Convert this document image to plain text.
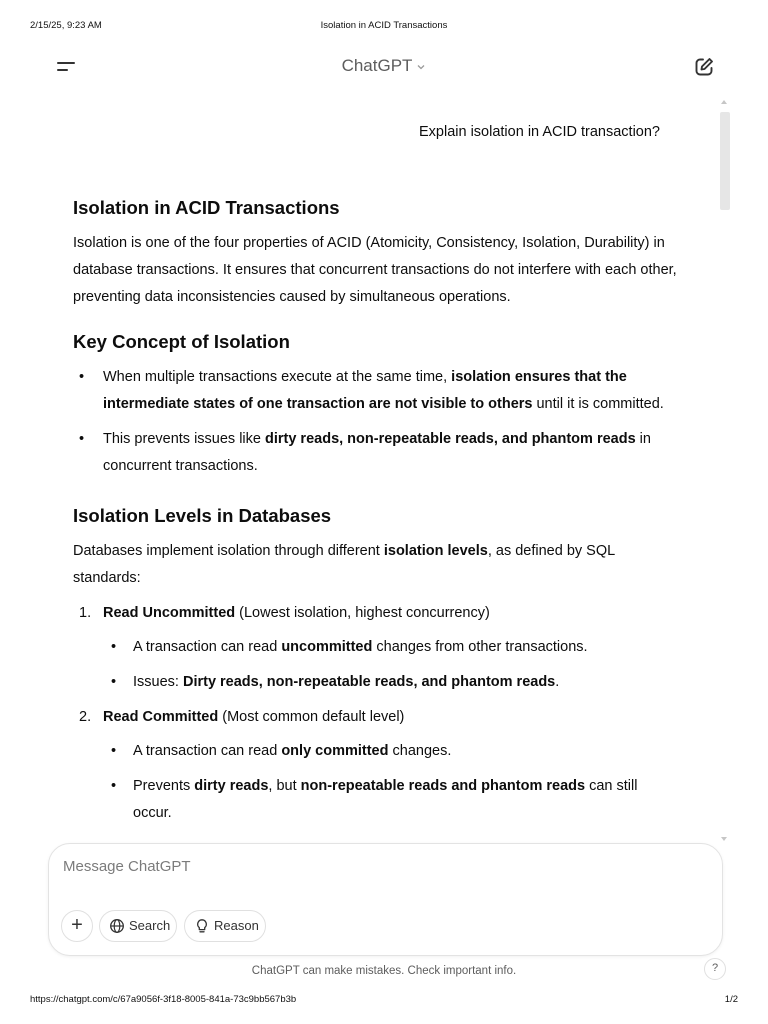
2/15/25, 9:23 AM	Isolation in ACID Transactions
ChatGPT
Explain isolation in ACID transaction?
Isolation in ACID Transactions

Isolation is one of the four properties of ACID (Atomicity, Consistency, Isolation, Durability) in database transactions. It ensures that concurrent transactions do not interfere with each other, preventing data inconsistencies caused by simultaneous operations.

Key Concept of Isolation
• When multiple transactions execute at the same time, isolation ensures that the intermediate states of one transaction are not visible to others until it is committed.
• This prevents issues like dirty reads, non-repeatable reads, and phantom reads in concurrent transactions.
Isolation Levels in Databases

Databases implement isolation through different isolation levels, as defined by SQL standards:

1. Read Uncommitted (Lowest isolation, highest concurrency)
• A transaction can read uncommitted changes from other transactions.
• Issues: Dirty reads, non-repeatable reads, and phantom reads.
2. Read Committed (Most common default level)
• A transaction can read only committed changes.
• Prevents dirty reads, but non-repeatable reads and phantom reads can still occur.
Message ChatGPT
+	Search	Reason
ChatGPT can make mistakes. Check important info.	?
https://chatgpt.com/c/67a9056f-3f18-8005-841a-73c9bb567b3b	1/2
